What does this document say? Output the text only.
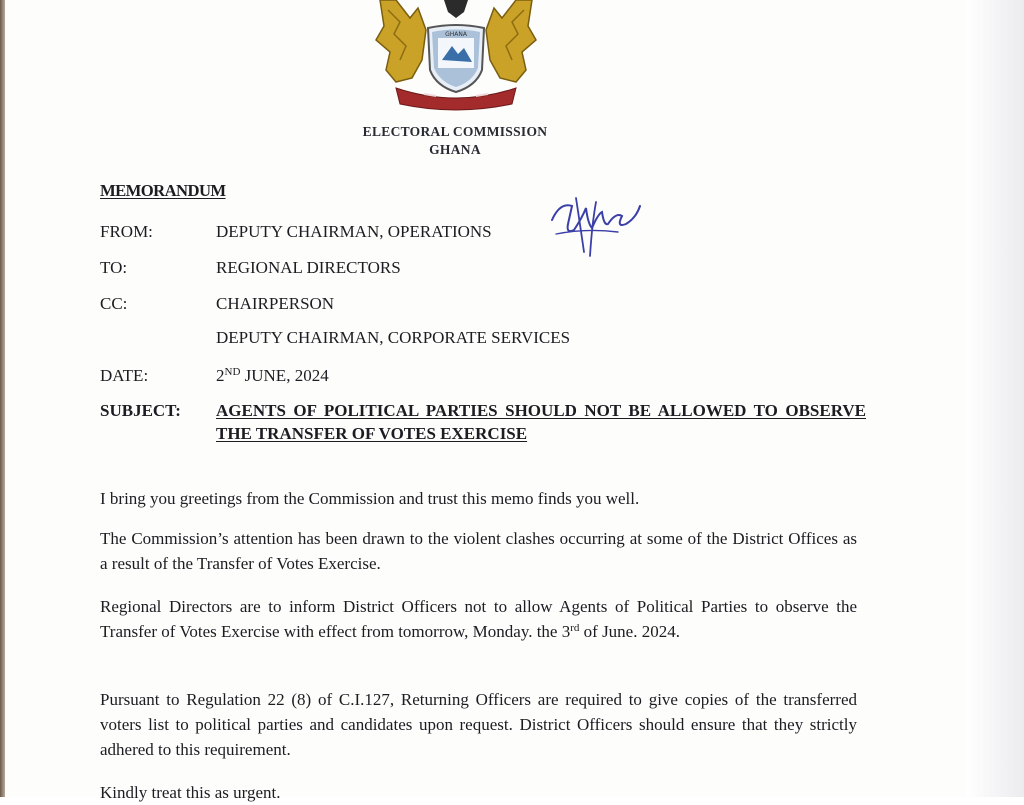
GHANA
ELECTORAL COMMISSION
GHANA
MEMORANDUM
FROM:	DEPUTY CHAIRMAN, OPERATIONS
TO:	REGIONAL DIRECTORS
CC:	CHAIRPERSON
DEPUTY CHAIRMAN, CORPORATE SERVICES
DATE:	2ND JUNE, 2024
SUBJECT: AGENTS OF POLITICAL PARTIES SHOULD NOT BE ALLOWED TO OBSERVE THE TRANSFER OF VOTES EXERCISE
I bring you greetings from the Commission and trust this memo finds you well.
The Commission’s attention has been drawn to the violent clashes occurring at some of the District Offices as a result of the Transfer of Votes Exercise.
Regional Directors are to inform District Officers not to allow Agents of Political Parties to observe the Transfer of Votes Exercise with effect from tomorrow, Monday. the 3rd of June. 2024.
Pursuant to Regulation 22 (8) of C.I.127, Returning Officers are required to give copies of the transferred voters list to political parties and candidates upon request. District Officers should ensure that they strictly adhered to this requirement.
Kindly treat this as urgent.
